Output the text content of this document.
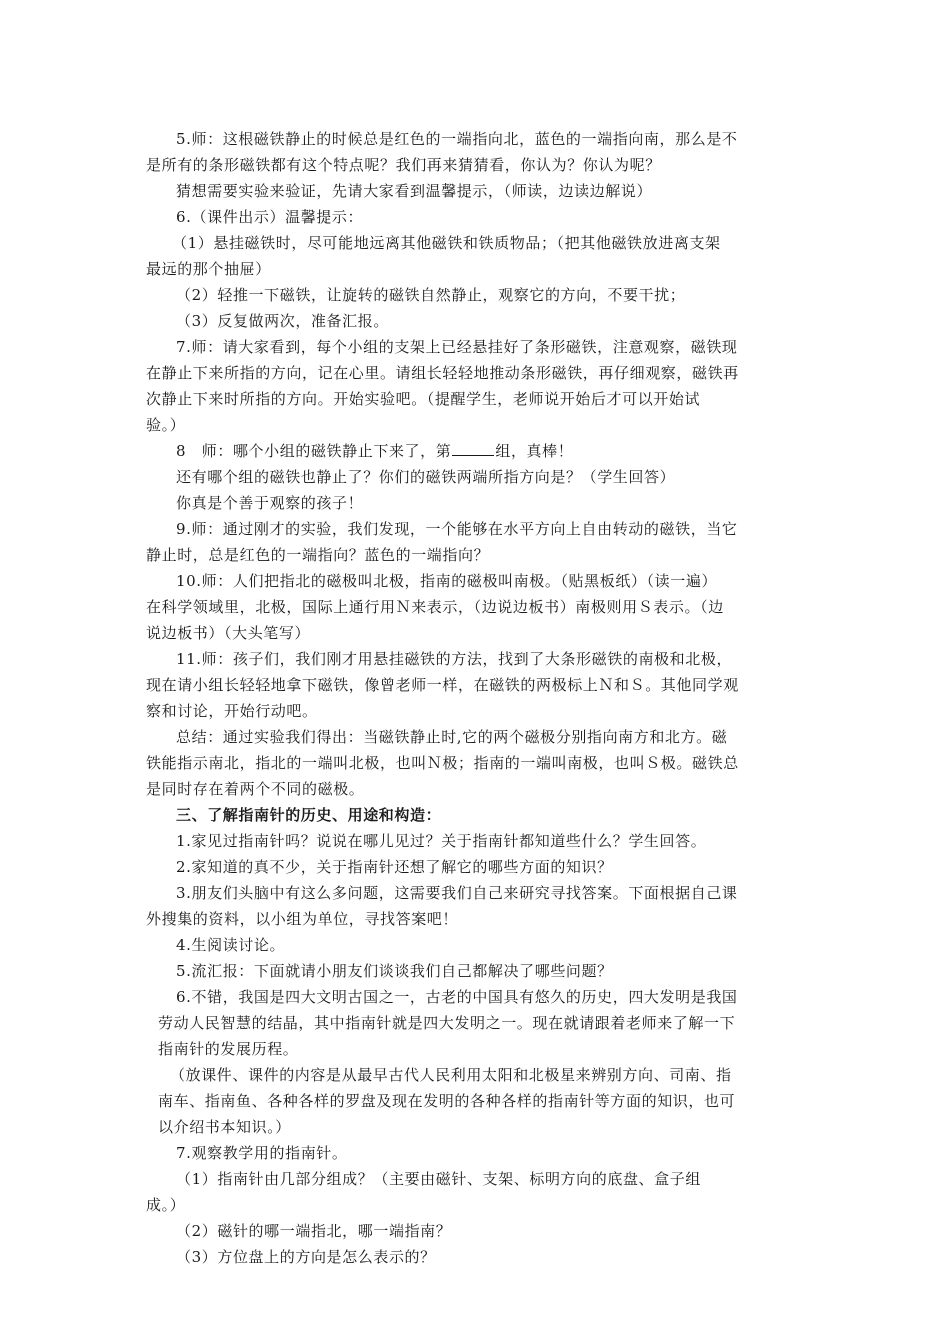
5.师：这根磁铁静止的时候总是红色的一端指向北，蓝色的一端指向南，那么是不
是所有的条形磁铁都有这个特点呢？我们再来猜猜看，你认为？你认为呢？
猜想需要实验来验证，先请大家看到温馨提示，（师读，边读边解说）
6.（课件出示）温馨提示：
（1）悬挂磁铁时，尽可能地远离其他磁铁和铁质物品；（把其他磁铁放进离支架
最远的那个抽屉）
（2）轻推一下磁铁，让旋转的磁铁自然静止，观察它的方向，不要干扰；
（3）反复做两次，准备汇报。
7.师：请大家看到，每个小组的支架上已经悬挂好了条形磁铁，注意观察，磁铁现
在静止下来所指的方向，记在心里。请组长轻轻地推动条形磁铁，再仔细观察，磁铁再
次静止下来时所指的方向。开始实验吧。（提醒学生，老师说开始后才可以开始试
验。）
8　师：哪个小组的磁铁静止下来了，第	组，真棒！
还有哪个组的磁铁也静止了？你们的磁铁两端所指方向是？（学生回答）
你真是个善于观察的孩子！
9.师：通过刚才的实验，我们发现，一个能够在水平方向上自由转动的磁铁，当它
静止时，总是红色的一端指向？蓝色的一端指向？
10.师：人们把指北的磁极叫北极，指南的磁极叫南极。（贴黑板纸）（读一遍）
在科学领域里，北极，国际上通行用Ｎ来表示，（边说边板书）南极则用Ｓ表示。（边
说边板书）（大头笔写）
11.师：孩子们，我们刚才用悬挂磁铁的方法，找到了大条形磁铁的南极和北极，
现在请小组长轻轻地拿下磁铁，像曾老师一样，在磁铁的两极标上Ｎ和Ｓ。其他同学观
察和讨论，开始行动吧。
总结：通过实验我们得出：当磁铁静止时,它的两个磁极分别指向南方和北方。磁
铁能指示南北，指北的一端叫北极，也叫Ｎ极；指南的一端叫南极，也叫Ｓ极。磁铁总
是同时存在着两个不同的磁极。
三、了解指南针的历史、用途和构造：
1.家见过指南针吗？说说在哪儿见过？关于指南针都知道些什么？学生回答。
2.家知道的真不少，关于指南针还想了解它的哪些方面的知识？
3.朋友们头脑中有这么多问题，这需要我们自己来研究寻找答案。下面根据自己课
外搜集的资料，以小组为单位，寻找答案吧！
4.生阅读讨论。
5.流汇报：下面就请小朋友们谈谈我们自己都解决了哪些问题？
6.不错，我国是四大文明古国之一，古老的中国具有悠久的历史，四大发明是我国
劳动人民智慧的结晶，其中指南针就是四大发明之一。现在就请跟着老师来了解一下
指南针的发展历程。
（放课件、课件的内容是从最早古代人民利用太阳和北极星来辨别方向、司南、指
南车、指南鱼、各种各样的罗盘及现在发明的各种各样的指南针等方面的知识，也可
以介绍书本知识。）
7.观察教学用的指南针。
（1）指南针由几部分组成？（主要由磁针、支架、标明方向的底盘、盒子组
成。）
（2）磁针的哪一端指北，哪一端指南？
（3）方位盘上的方向是怎么表示的？
